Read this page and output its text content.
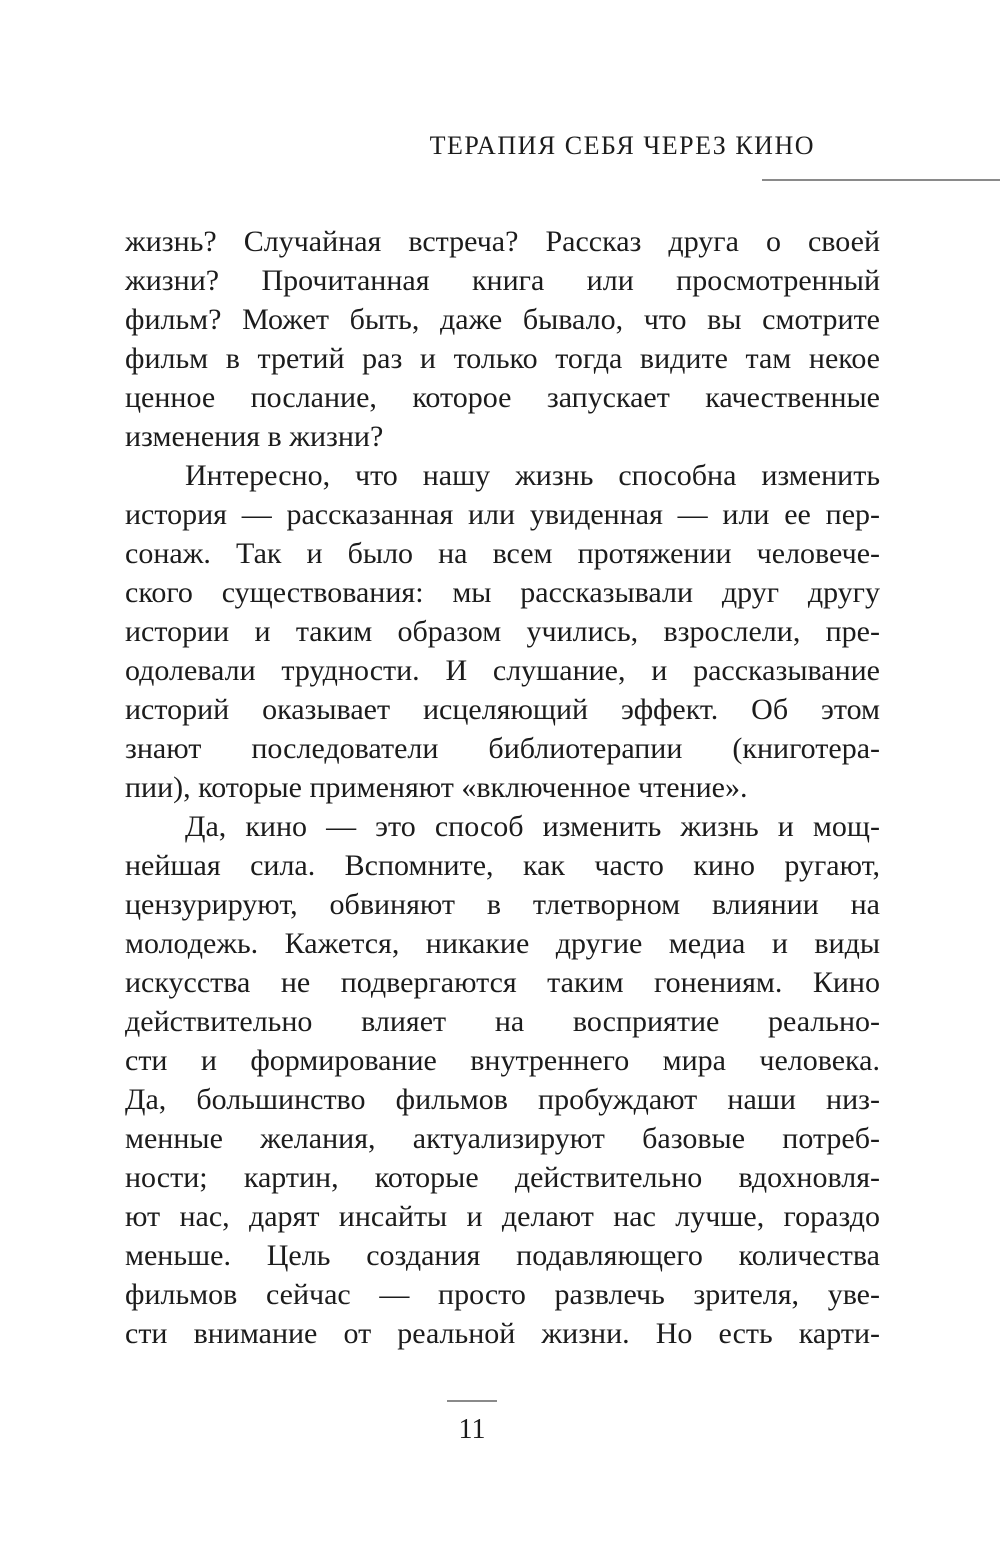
ТЕРАПИЯ СЕБЯ ЧЕРЕЗ КИНО
жизнь? Случайная встреча? Рассказ друга о своей
жизни? Прочитанная книга или просмотренный
фильм? Может быть, даже бывало, что вы смотрите
фильм в третий раз и только тогда видите там некое
ценное послание, которое запускает качественные
изменения в жизни?
Интересно, что нашу жизнь способна изменить
история — рассказанная или увиденная — или ее пер-
сонаж. Так и было на всем протяжении человече-
ского существования: мы рассказывали друг другу
истории и таким образом учились, взрослели, пре-
одолевали трудности. И слушание, и рассказывание
историй оказывает исцеляющий эффект. Об этом
знают последователи библиотерапии (книготера-
пии), которые применяют «включенное чтение».
Да, кино — это способ изменить жизнь и мощ-
нейшая сила. Вспомните, как часто кино ругают,
цензурируют, обвиняют в тлетворном влиянии на
молодежь. Кажется, никакие другие медиа и виды
искусства не подвергаются таким гонениям. Кино
действительно влияет на восприятие реально-
сти и формирование внутреннего мира человека.
Да, большинство фильмов пробуждают наши низ-
менные желания, актуализируют базовые потреб-
ности; картин, которые действительно вдохновля-
ют нас, дарят инсайты и делают нас лучше, гораздо
меньше. Цель создания подавляющего количества
фильмов сейчас — просто развлечь зрителя, уве-
сти внимание от реальной жизни. Но есть карти-
11
